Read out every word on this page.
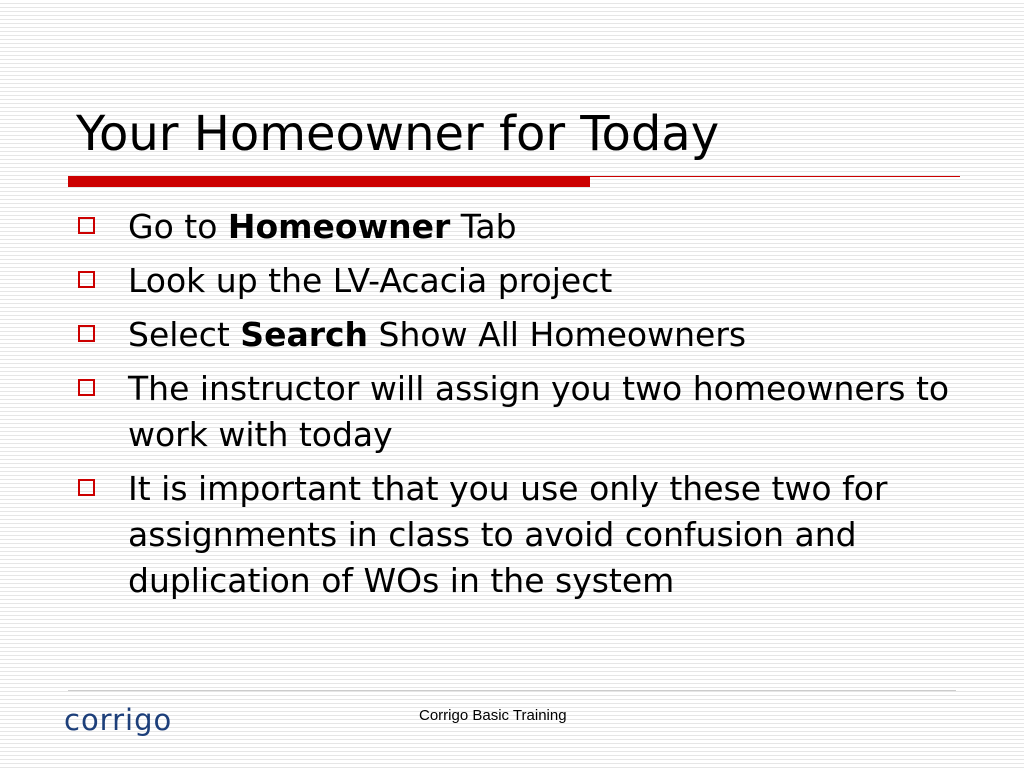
Your Homeowner for Today
Go to Homeowner Tab
Look up the LV-Acacia project
Select Search Show All Homeowners
The instructor will assign you two homeowners to work with today
It is important that you use only these two for assignments in class to avoid confusion and duplication of WOs in the system
corrigo	Corrigo Basic Training
